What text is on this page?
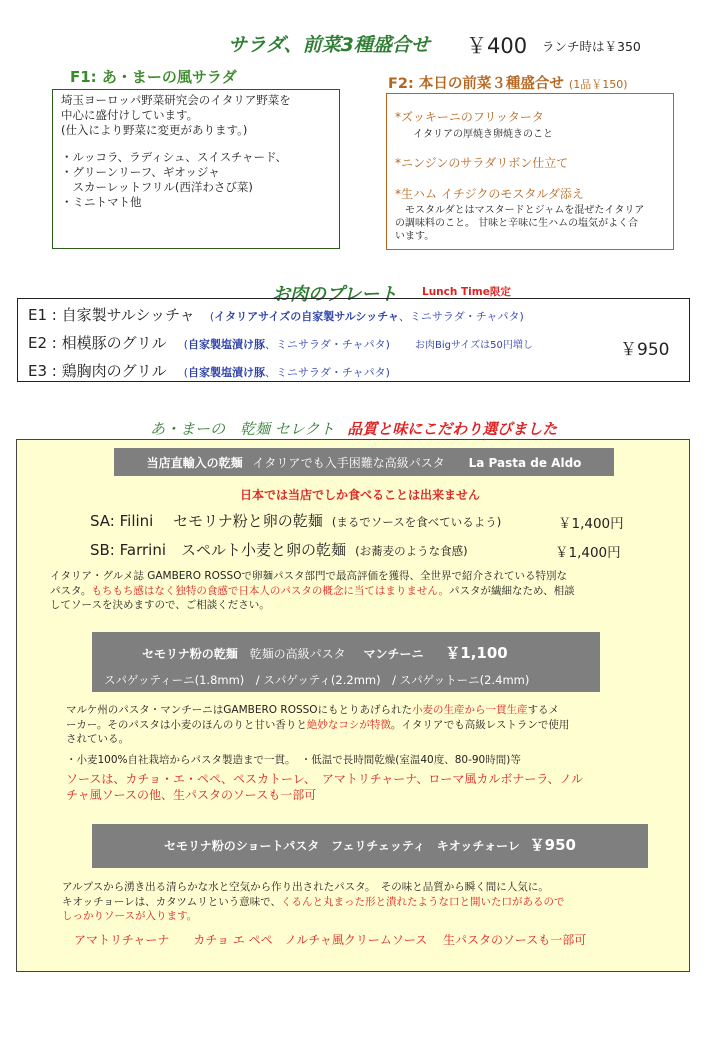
サラダ、前菜3種盛合せ ￥400 ランチ時は￥350
F1: あ・まーの風サラダ

埼玉ヨーロッパ野菜研究会のイタリア野菜を

中心に盛付けしています。

(仕入により野菜に変更があります。)

・ルッコラ、ラディシュ、スイスチャード、

・グリーンリーフ、ギオッジャ

　スカーレットフリル(西洋わさび菜)

・ミニトマト他

F2: 本日の前菜３種盛合せ (1品￥150)

*ズッキーニのフリッタータ

イタリアの厚焼き卵焼きのこと

*ニンジンのサラダリボン仕立て

*生ハム イチジクのモスタルダ添え

モスタルダとはマスタードとジャムを混ぜたイタリア

の調味料のこと。 甘味と辛味に生ハムの塩気がよく合

います。

お肉のプレート Lunch Time限定
E1 : 自家製サルシッチャ (イタリアサイズの自家製サルシッチャ、ミニサラダ・チャパタ)
E2 : 相模豚のグリル (自家製塩漬け豚、ミニサラダ・チャパタ)	お肉Bigサイズは50円増し
E3 : 鶏胸肉のグリル (自家製塩漬け豚、ミニサラダ・チャパタ)
￥950
あ・まーの　乾麺 セレクト 品質と味にこだわり選びました
当店直輸入の乾麺 イタリアでも入手困難な高級パスタ La Pasta de Aldo
日本では当店でしか食べることは出来ません
SA: Filini　 セモリナ粉と卵の乾麺 (まるでソースを食べているよう)	￥1,400円
SB: Farrini　スペルト小麦と卵の乾麺 (お蕎麦のような食感)	￥1,400円

イタリア・グルメ誌 GAMBERO ROSSOで卵麺パスタ部門で最高評価を獲得、全世界で紹介されている特別な

パスタ。もちもち感はなく独特の食感で日本人のパスタの概念に当てはまりません。パスタが繊細なため、相談

してソースを決めますので、ご相談ください。

セモリナ粉の乾麺 乾麺の高級パスタ マンチーニ ￥1,100
スパゲッティーニ(1.8mm)　/ スパゲッティ(2.2mm)　/ スパゲットーニ(2.4mm)

マルケ州のパスタ・マンチーニはGAMBERO ROSSOにもとりあげられた小麦の生産から一貫生産するメ

ーカー。そのパスタは小麦のほんのりと甘い香りと絶妙なコシが特徴。イタリアでも高級レストランで使用

されている。

・小麦100%自社栽培からパスタ製造まで一貫。　・低温で長時間乾燥(室温40度、80-90時間)等

ソースは、カチョ・エ・ペペ、ペスカトーレ、　アマトリチャーナ、ローマ風カルボナーラ、ノル

チャ風ソースの他、生パスタのソースも一部可

セモリナ粉のショートパスタ フェリチェッティ キオッチォーレ ￥950

アルプスから湧き出る清らかな水と空気から作り出されたパスタ。　その味と品質から瞬く間に人気に。

キオッチョーレは、カタツムリという意味で、くるんと丸まった形と潰れたような口と開いた口があるので

しっかりソースが入ります。

アマトリチャーナ　　カチョ エ ペペ　ノルチャ風クリームソース　 生パスタのソースも一部可
